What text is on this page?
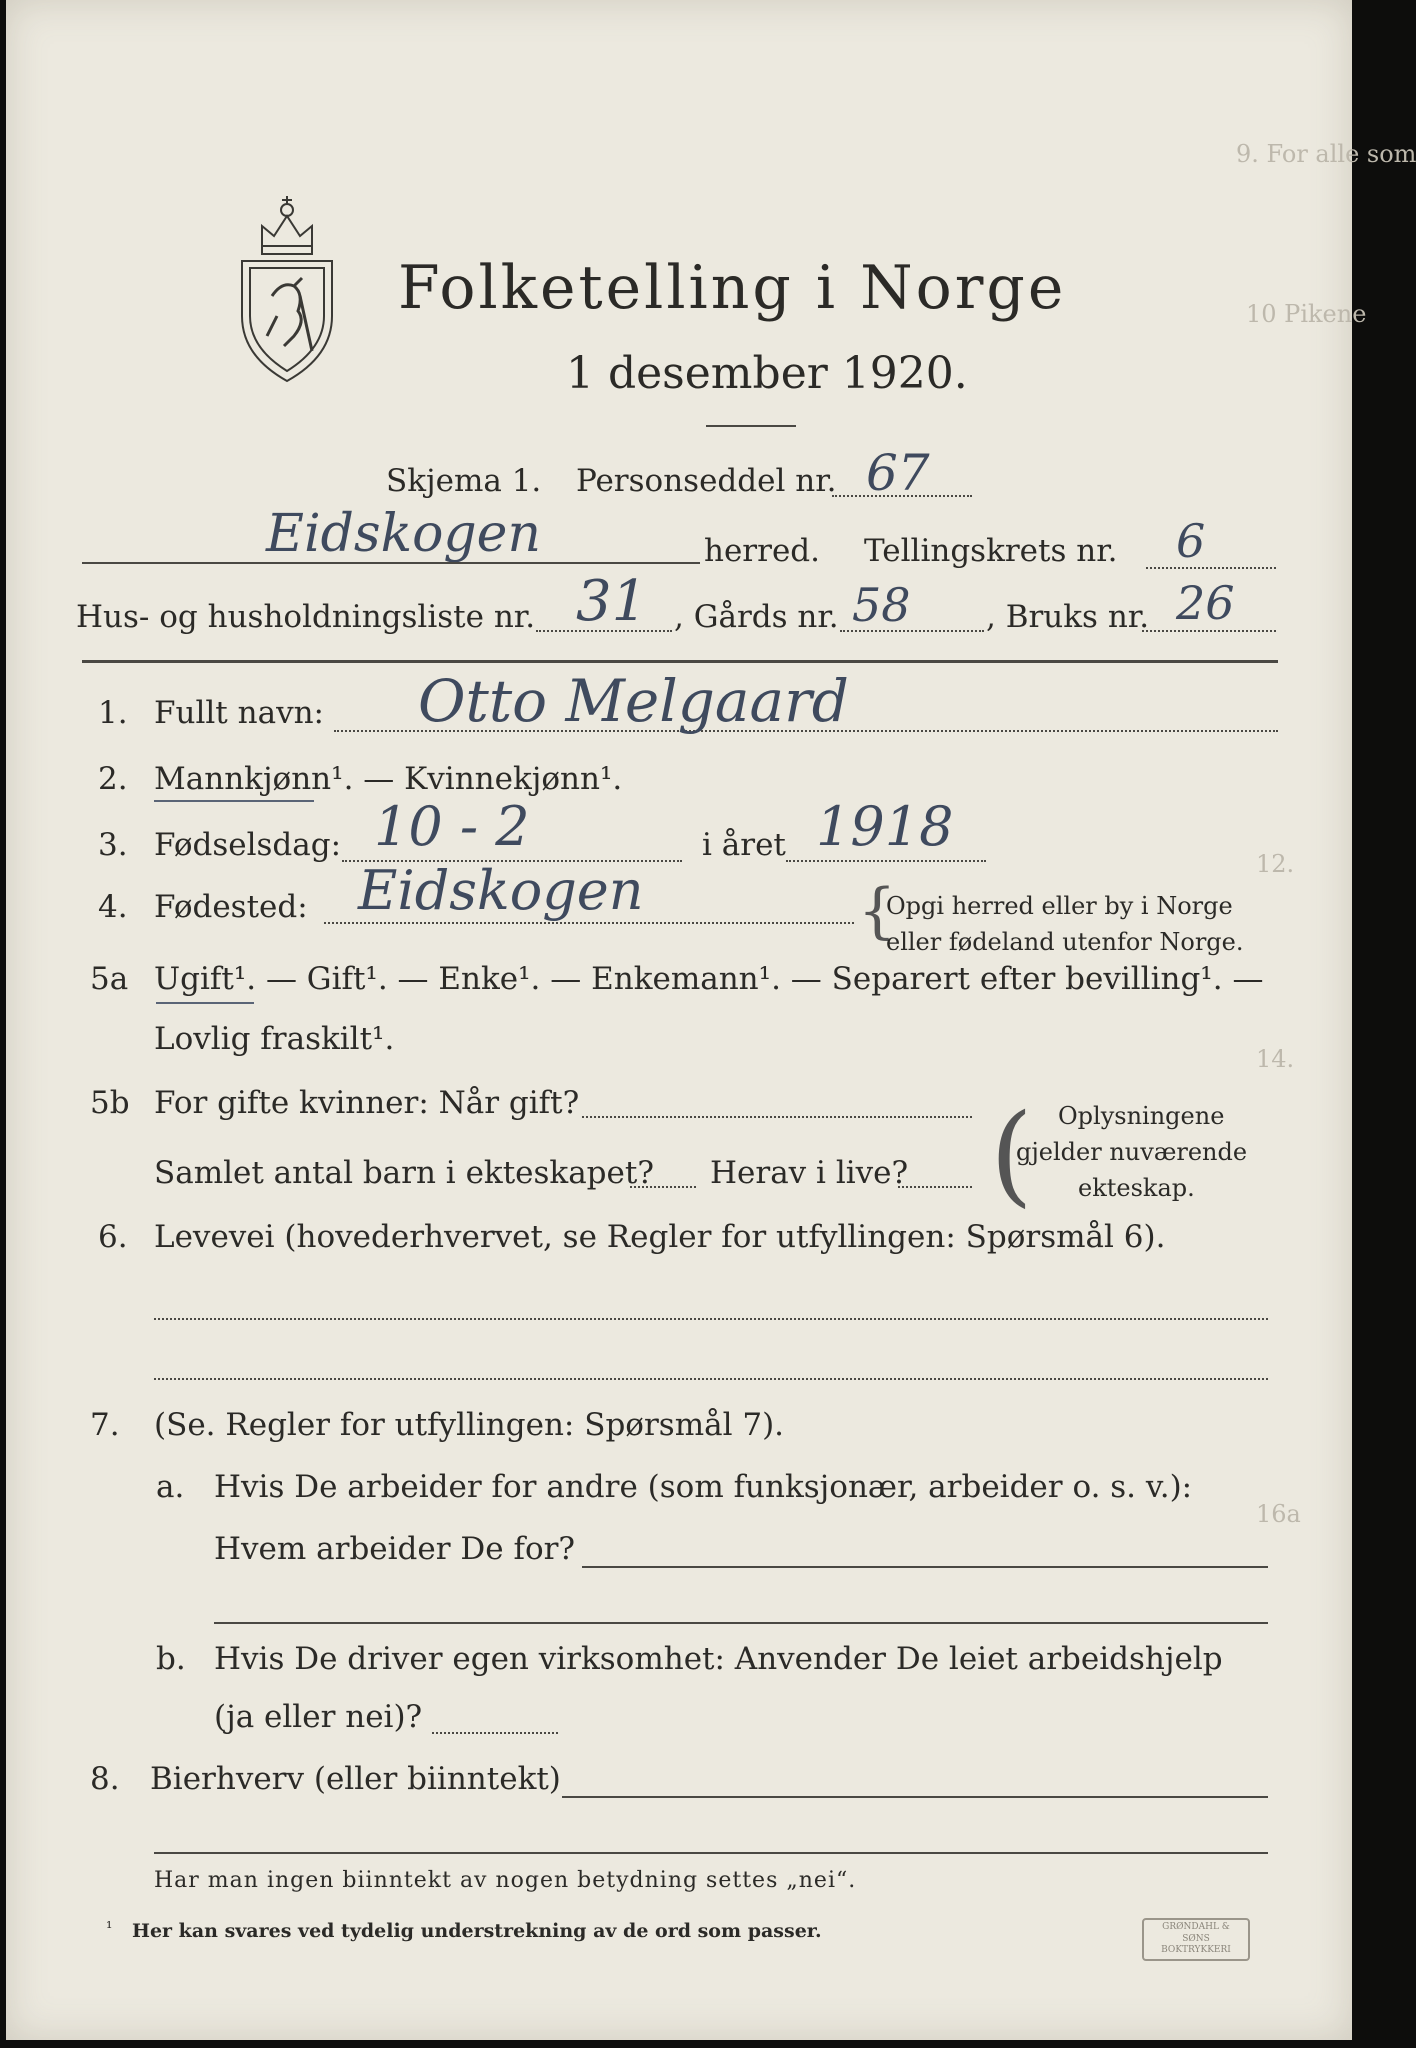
Folketelling i Norge
1 desember 1920.
Skjema 1. Personseddel nr. 67
Eidskogen	herred. Tellingskrets nr. 6
Hus- og husholdningsliste nr. 31 , Gårds nr. 58 , Bruks nr. 26
9. For alle som
10 Pikene
12.
14.
16a
1. Fullt navn: Otto Melgaard
2. Mannkjønn¹. — Kvinnekjønn¹.
3. Fødselsdag: 10 - 2	i året 1918
4. Fødested: Eidskogen	{
Opgi herred eller by i Norge
eller fødeland utenfor Norge.
5a Ugift¹. — Gift¹. — Enke¹. — Enkemann¹. — Separert efter bevilling¹. —
Lovlig fraskilt¹.
5b For gifte kvinner: Når gift?
Samlet antal barn i ekteskapet? Herav i live? ( Oplysningene
gjelder nuværende
ekteskap.
6. Levevei (hovederhvervet, se Regler for utfyllingen: Spørsmål 6).
7. (Se. Regler for utfyllingen: Spørsmål 7).
a. Hvis De arbeider for andre (som funksjonær, arbeider o. s. v.):
Hvem arbeider De for?
b. Hvis De driver egen virksomhet: Anvender De leiet arbeidshjelp
(ja eller nei)?
8. Bierhverv (eller biinntekt)
Har man ingen biinntekt av nogen betydning settes „nei“.
¹ Her kan svares ved tydelig understrekning av de ord som passer.	GRØNDAHL & SØNS
BOKTRYKKERI
